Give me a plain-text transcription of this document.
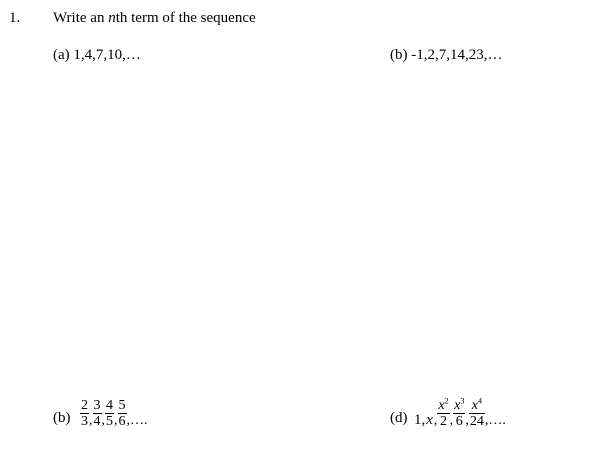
1. Write an nth term of the sequence
(a) 1,4,7,10,…	(b) -1,2,7,14,23,…
$(b) \frac{2}{3}$ , $\frac{3}{4}$ , $\frac{4}{5}$ , $\frac{5}{6}$ ,….	(d) 1,x, $\frac{x^2}{2}$ , $\frac{x^3}{6}$ , $\frac{x^4}{24}$ ,….
